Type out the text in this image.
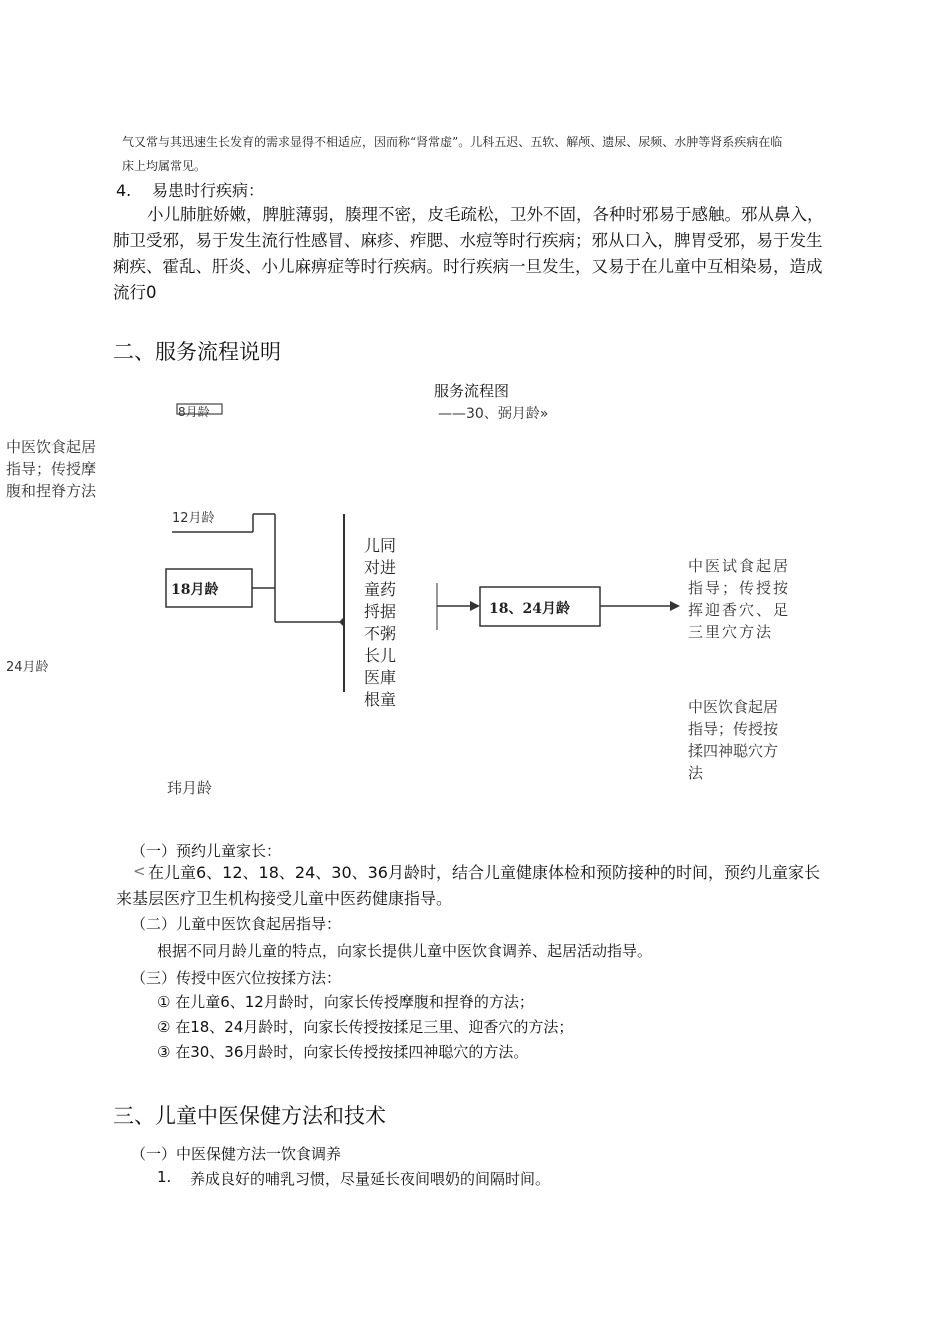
气又常与其迅速生长发育的需求显得不相适应，因而称“肾常虚”。儿科五迟、五软、解颅、遗尿、尿频、水肿等肾系疾病在临
床上均属常见。
4. 易患时行疾病：
小儿肺脏娇嫩，脾脏薄弱，腠理不密，皮毛疏松，卫外不固，各种时邪易于感触。邪从鼻入，肺卫受邪，易于发生流行性感冒、麻疹、痄腮、水痘等时行疾病；邪从口入，脾胃受邪，易于发生痢疾、霍乱、肝炎、小儿麻痹症等时行疾病。时行疾病一旦发生，又易于在儿童中互相染易，造成流行0
二、服务流程说明
服务流程图
8月龄	——30、弼月龄»
中医饮食起居指导；传授摩腹和捏脊方法
12月龄
18月龄
24月龄
儿同对进童药捋据不粥长儿医庫根童
18、24月龄
中医试食起居指导；传授按挥迎香穴、足三里穴方法
中医饮食起居指导；传授按揉四神聪穴方法
玮月龄
（一）预约儿童家长：
< 在儿童6、12、18、24、30、36月龄时，结合儿童健康体检和预防接种的时间，预约儿童家长来基层医疗卫生机构接受儿童中医药健康指导。
（二）儿童中医饮食起居指导：
根据不同月龄儿童的特点，向家长提供儿童中医饮食调养、起居活动指导。
（三）传授中医穴位按揉方法：
① 在儿童6、12月龄时，向家长传授摩腹和捏脊的方法；
② 在18、24月龄时，向家长传授按揉足三里、迎香穴的方法；
③ 在30、36月龄时，向家长传授按揉四神聪穴的方法。
三、儿童中医保健方法和技术
（一）中医保健方法一饮食调养
1. 养成良好的哺乳习惯，尽量延长夜间喂奶的间隔时间。
